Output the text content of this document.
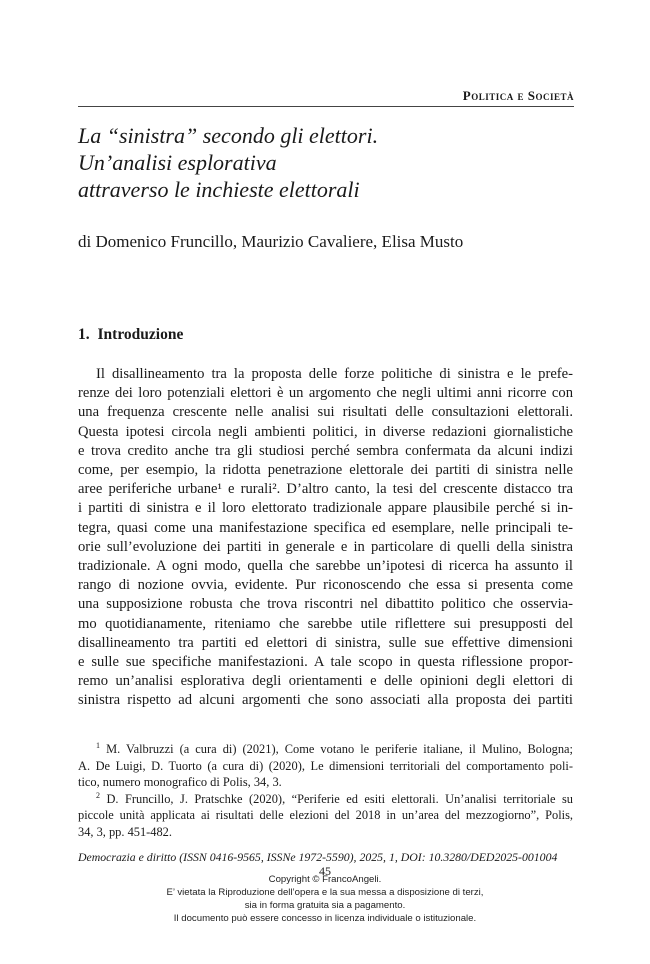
Politica e Società
La “sinistra” secondo gli elettori.
Un’analisi esplorativa
attraverso le inchieste elettorali
di Domenico Fruncillo, Maurizio Cavaliere, Elisa Musto
1. Introduzione
Il disallineamento tra la proposta delle forze politiche di sinistra e le prefe-
renze dei loro potenziali elettori è un argomento che negli ultimi anni ricorre con
una frequenza crescente nelle analisi sui risultati delle consultazioni elettorali.
Questa ipotesi circola negli ambienti politici, in diverse redazioni giornalistiche
e trova credito anche tra gli studiosi perché sembra confermata da alcuni indizi
come, per esempio, la ridotta penetrazione elettorale dei partiti di sinistra nelle
aree periferiche urbane¹ e rurali². D’altro canto, la tesi del crescente distacco tra
i partiti di sinistra e il loro elettorato tradizionale appare plausibile perché si in-
tegra, quasi come una manifestazione specifica ed esemplare, nelle principali te-
orie sull’evoluzione dei partiti in generale e in particolare di quelli della sinistra
tradizionale. A ogni modo, quella che sarebbe un’ipotesi di ricerca ha assunto il
rango di nozione ovvia, evidente. Pur riconoscendo che essa si presenta come
una supposizione robusta che trova riscontri nel dibattito politico che osservia-
mo quotidianamente, riteniamo che sarebbe utile riflettere sui presupposti del
disallineamento tra partiti ed elettori di sinistra, sulle sue effettive dimensioni
e sulle sue specifiche manifestazioni. A tale scopo in questa riflessione propor-
remo un’analisi esplorativa degli orientamenti e delle opinioni degli elettori di
sinistra rispetto ad alcuni argomenti che sono associati alla proposta dei partiti
$^1$ M. Valbruzzi (a cura di) (2021), Come votano le periferie italiane, il Mulino, Bologna;
A. De Luigi, D. Tuorto (a cura di) (2020), Le dimensioni territoriali del comportamento poli-
tico, numero monografico di Polis, 34, 3.
$^2$ D. Fruncillo, J. Pratschke (2020), “Periferie ed esiti elettorali. Un’analisi territoriale su
piccole unità applicata ai risultati delle elezioni del 2018 in un’area del mezzogiorno”, Polis,
34, 3, pp. 451-482.
Democrazia e diritto (ISSN 0416-9565, ISSNe 1972-5590), 2025, 1, DOI: 10.3280/DED2025-001004
45
Copyright © FrancoAngeli.
E’ vietata la Riproduzione dell’opera e la sua messa a disposizione di terzi,
sia in forma gratuita sia a pagamento.
Il documento può essere concesso in licenza individuale o istituzionale.
